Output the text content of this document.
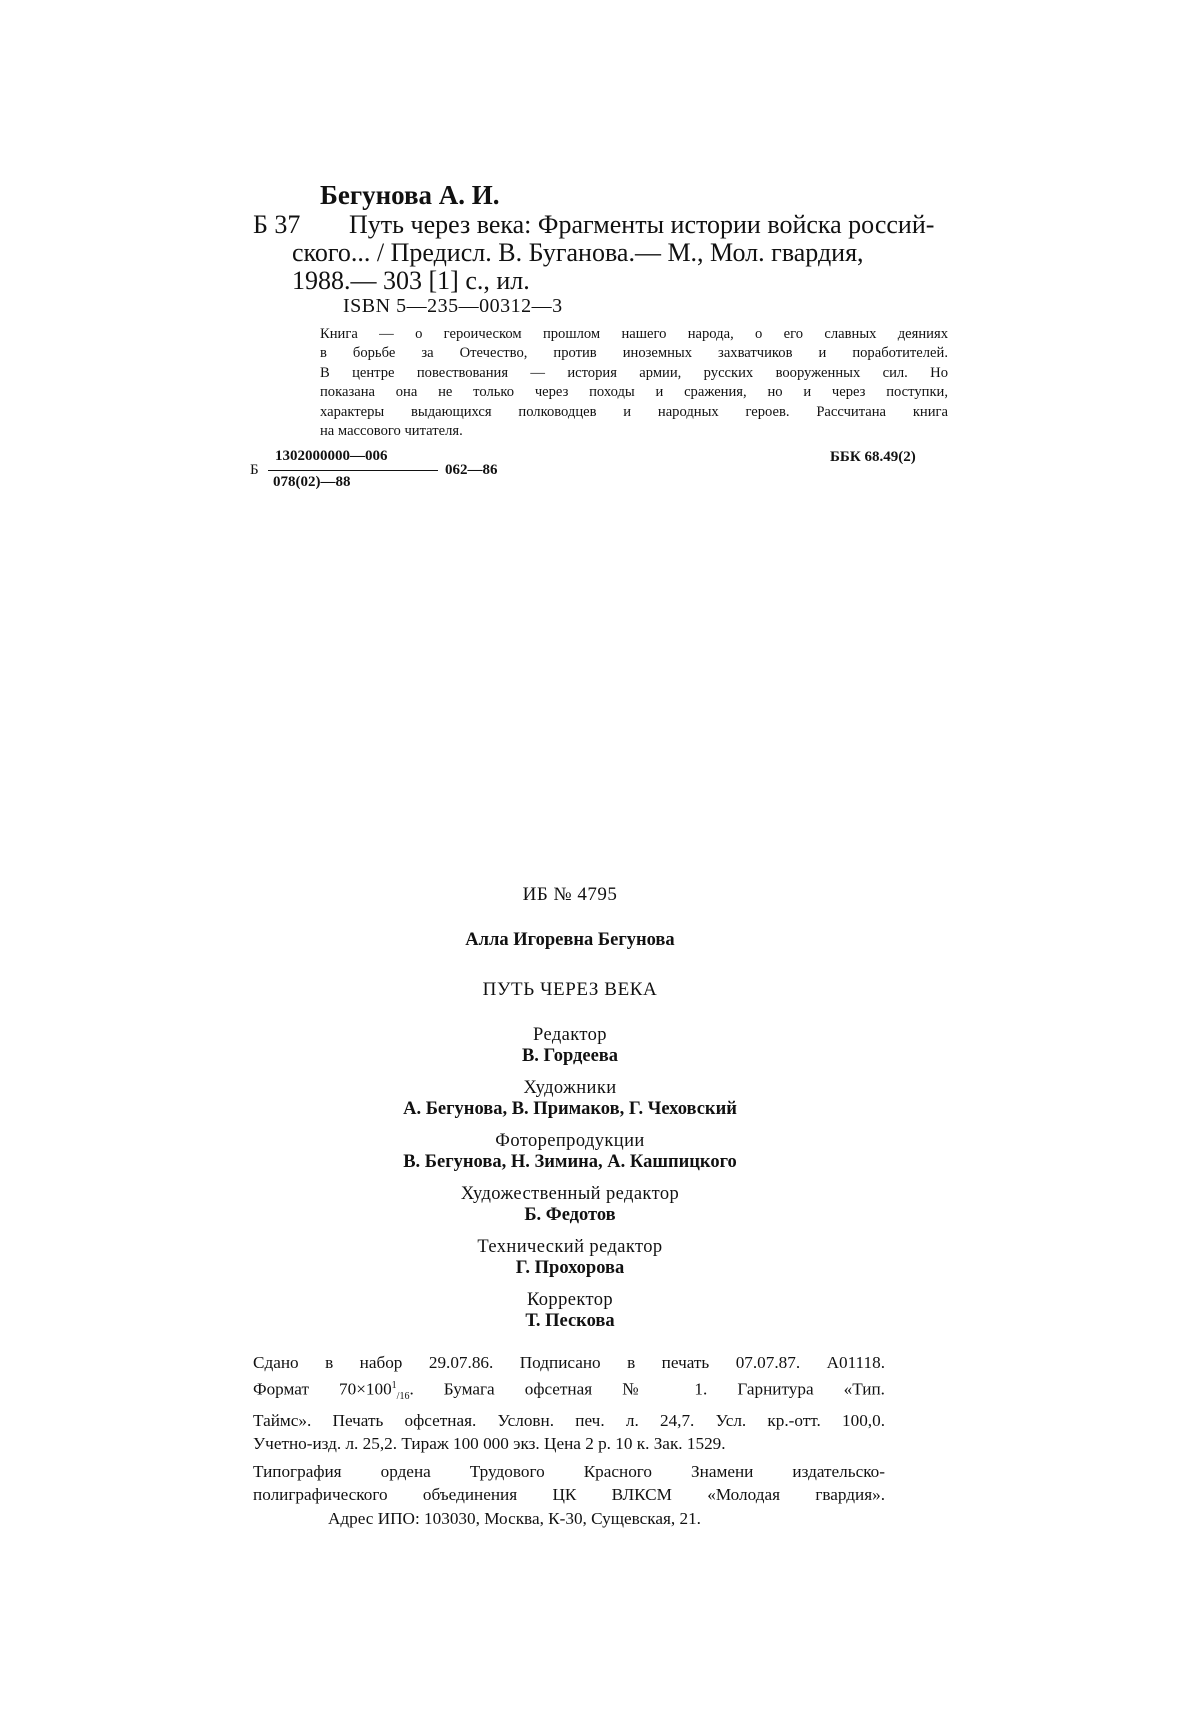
Бегунова А. И.
Б 37 Путь через века: Фрагменты истории войска россий-
ского... / Предисл. В. Буганова.— М., Мол. гвардия,
1988.— 303 [1] с., ил.
ISBN 5—235—00312—3
Книга — о героическом прошлом нашего народа, о его славных деяниях
в борьбе за Отечество, против иноземных захватчиков и поработителей.
В центре повествования — история армии, русских вооруженных сил. Но
показана она не только через походы и сражения, но и через поступки,
характеры выдающихся полководцев и народных героев. Рассчитана книга
на массового читателя.
Б
1302000000—006
078(02)—88
062—86
ББК 68.49(2)
ИБ № 4795
Алла Игоревна Бегунова
ПУТЬ ЧЕРЕЗ ВЕКА
Редактор
В. Гордеева
Художники
А. Бегунова, В. Примаков, Г. Чеховский
Фоторепродукции
В. Бегунова, Н. Зимина, А. Кашпицкого
Художественный редактор
Б. Федотов
Технический редактор
Г. Прохорова
Корректор
Т. Пескова
Сдано в набор 29.07.86. Подписано в печать 07.07.87. А01118.
Формат $70\times 100^1_{/16}$. Бумага офсетная № 1. Гарнитура «Тип.
Таймс». Печать офсетная. Условн. печ. л. 24,7. Усл. кр.-отт. 100,0.
Учетно-изд. л. 25,2. Тираж 100 000 экз. Цена 2 р. 10 к. Зак. 1529.
Типография ордена Трудового Красного Знамени издательско-
полиграфического объединения ЦК ВЛКСМ «Молодая гвардия».
Адрес ИПО: 103030, Москва, К-30, Сущевская, 21.
